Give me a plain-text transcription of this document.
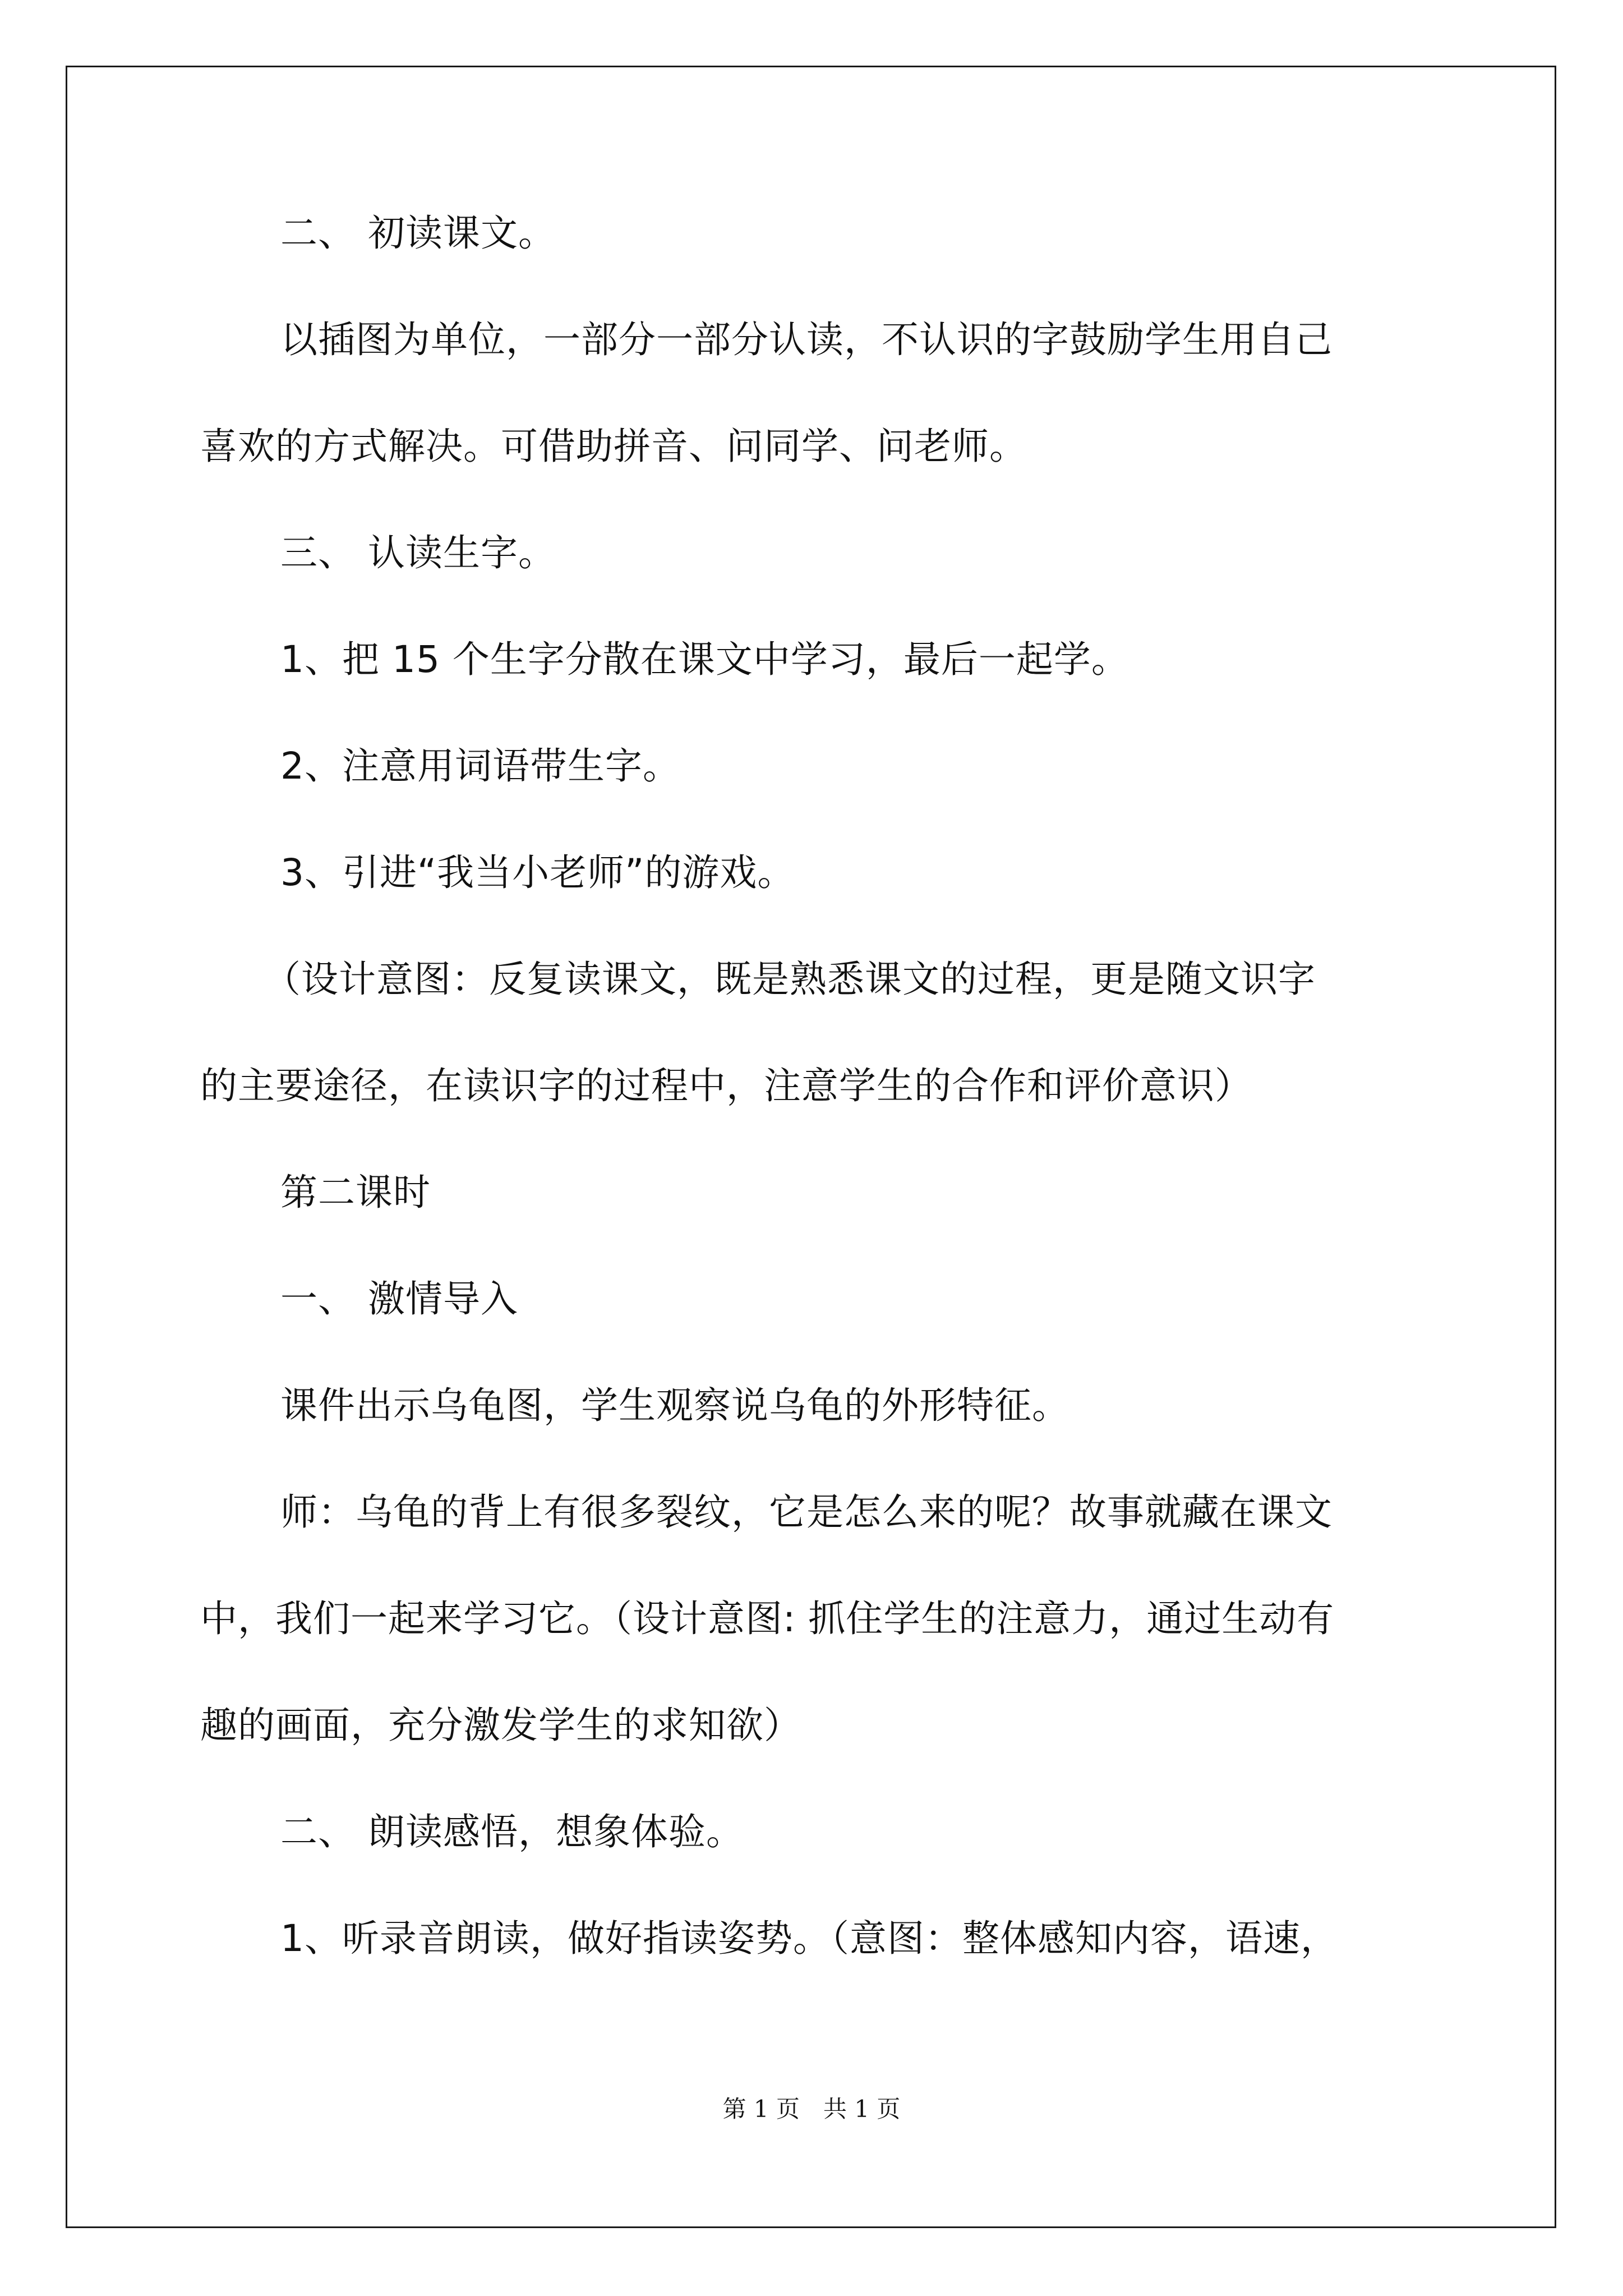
二、 初读课文。
以插图为单位，一部分一部分认读，不认识的字鼓励学生用自己
喜欢的方式解决。可借助拼音、问同学、问老师。
三、 认读生字。
1、把 15 个生字分散在课文中学习，最后一起学。
2、注意用词语带生字。
3、引进“我当小老师”的游戏。
（设计意图：反复读课文，既是熟悉课文的过程，更是随文识字
的主要途径，在读识字的过程中，注意学生的合作和评价意识）
第二课时
一、 激情导入
课件出示乌龟图，学生观察说乌龟的外形特征。
师：乌龟的背上有很多裂纹，它是怎么来的呢？故事就藏在课文
中，我们一起来学习它。（设计意图: 抓住学生的注意力，通过生动有
趣的画面，充分激发学生的求知欲）
二、 朗读感悟，想象体验。
1、听录音朗读，做好指读姿势。（意图：整体感知内容，语速，
第 1 页　共 1 页
